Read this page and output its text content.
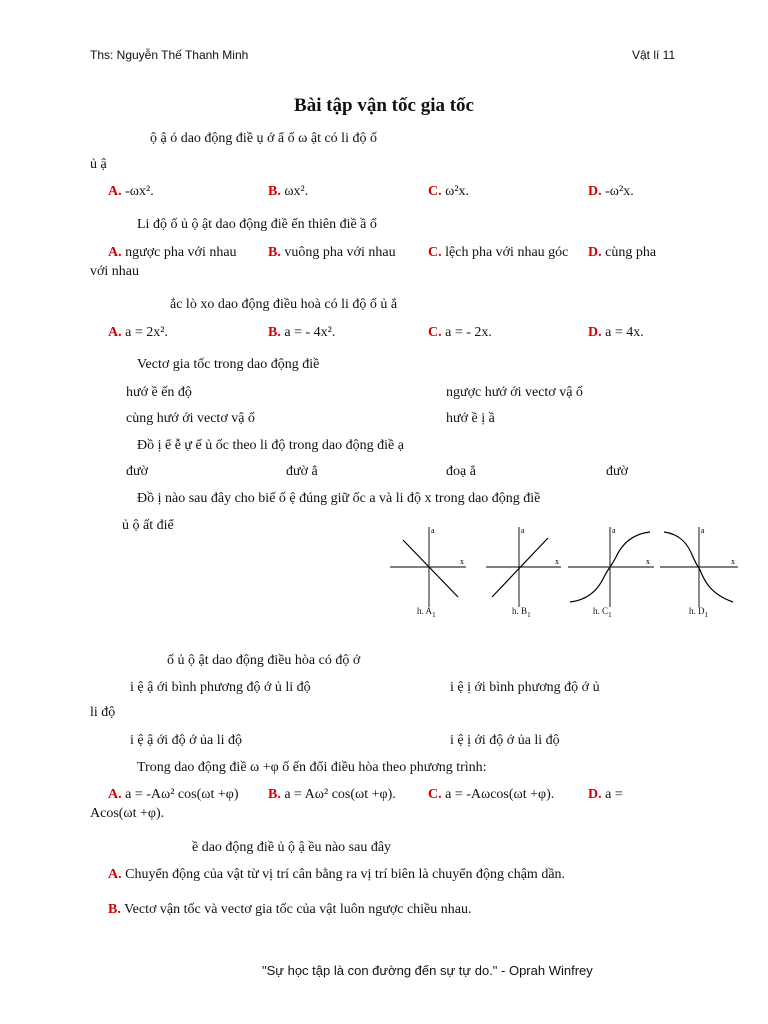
Ths: Nguyễn Thế Thanh Minh	Vật lí 11
Bài tập vận tốc gia tốc
ộ ậ ó dao động điề ụ ớ ẩ ố ω ật có li độ ố
ủ ậ
A. -ωx².	B. ωx².	C. ω²x.	D. -ω²x.
Li độ ố ủ ộ ật dao động điề ến thiên điề ầ ố
A. ngược pha với nhau B. vuông pha với nhau C. lệch pha với nhau góc D. cùng pha
với nhau
ắc lò xo dao động điều hoà có li độ ố ủ ắ
A. a = 2x².	B. a = - 4x².	C. a = - 2x.	D. a = 4x.
Vectơ gia tốc trong dao động điề
hướ ề ến độ	ngược hướ ới vectơ vậ ố
cùng hướ ới vectơ vậ ố	hướ ề ị ầ
Đồ ị ể ễ ự ế ủ ốc theo li độ trong dao động điề ạ
đườ	đườ ẳ	đoạ ẳ	đườ
Đồ ị nào sau đây cho biế ố ệ đúng giữ ốc a và li độ x trong dao động điề
ủ ộ ất điể	a
x
a
x
a
x
a
x
h. $A_1$	h. $B_1$	h. $C_1$	h. $D_1$
ố ủ ộ ật dao động điều hòa có độ ớ
i ệ ậ ới bình phương độ ớ ủ li độ	i ệ ị ới bình phương độ ớ ủ
li độ
i ệ ậ ới độ ớ ủa li độ	i ệ ị ới độ ớ ủa li độ
Trong dao động điề ω +φ ố ến đổi điều hòa theo phương trình:
A. a = -Aω² cos(ωt +φ) B. a = Aω² cos(ωt +φ). C. a = -Aωcos(ωt +φ). D. a =
Acos(ωt +φ).
ề dao động điề ủ ộ ậ ều nào sau đây
A. Chuyển động của vật từ vị trí cân bằng ra vị trí biên là chuyển động chậm dần.
B. Vectơ vận tốc và vectơ gia tốc của vật luôn ngược chiều nhau.
"Sự học tập là con đường đến sự tự do." - Oprah Winfrey
